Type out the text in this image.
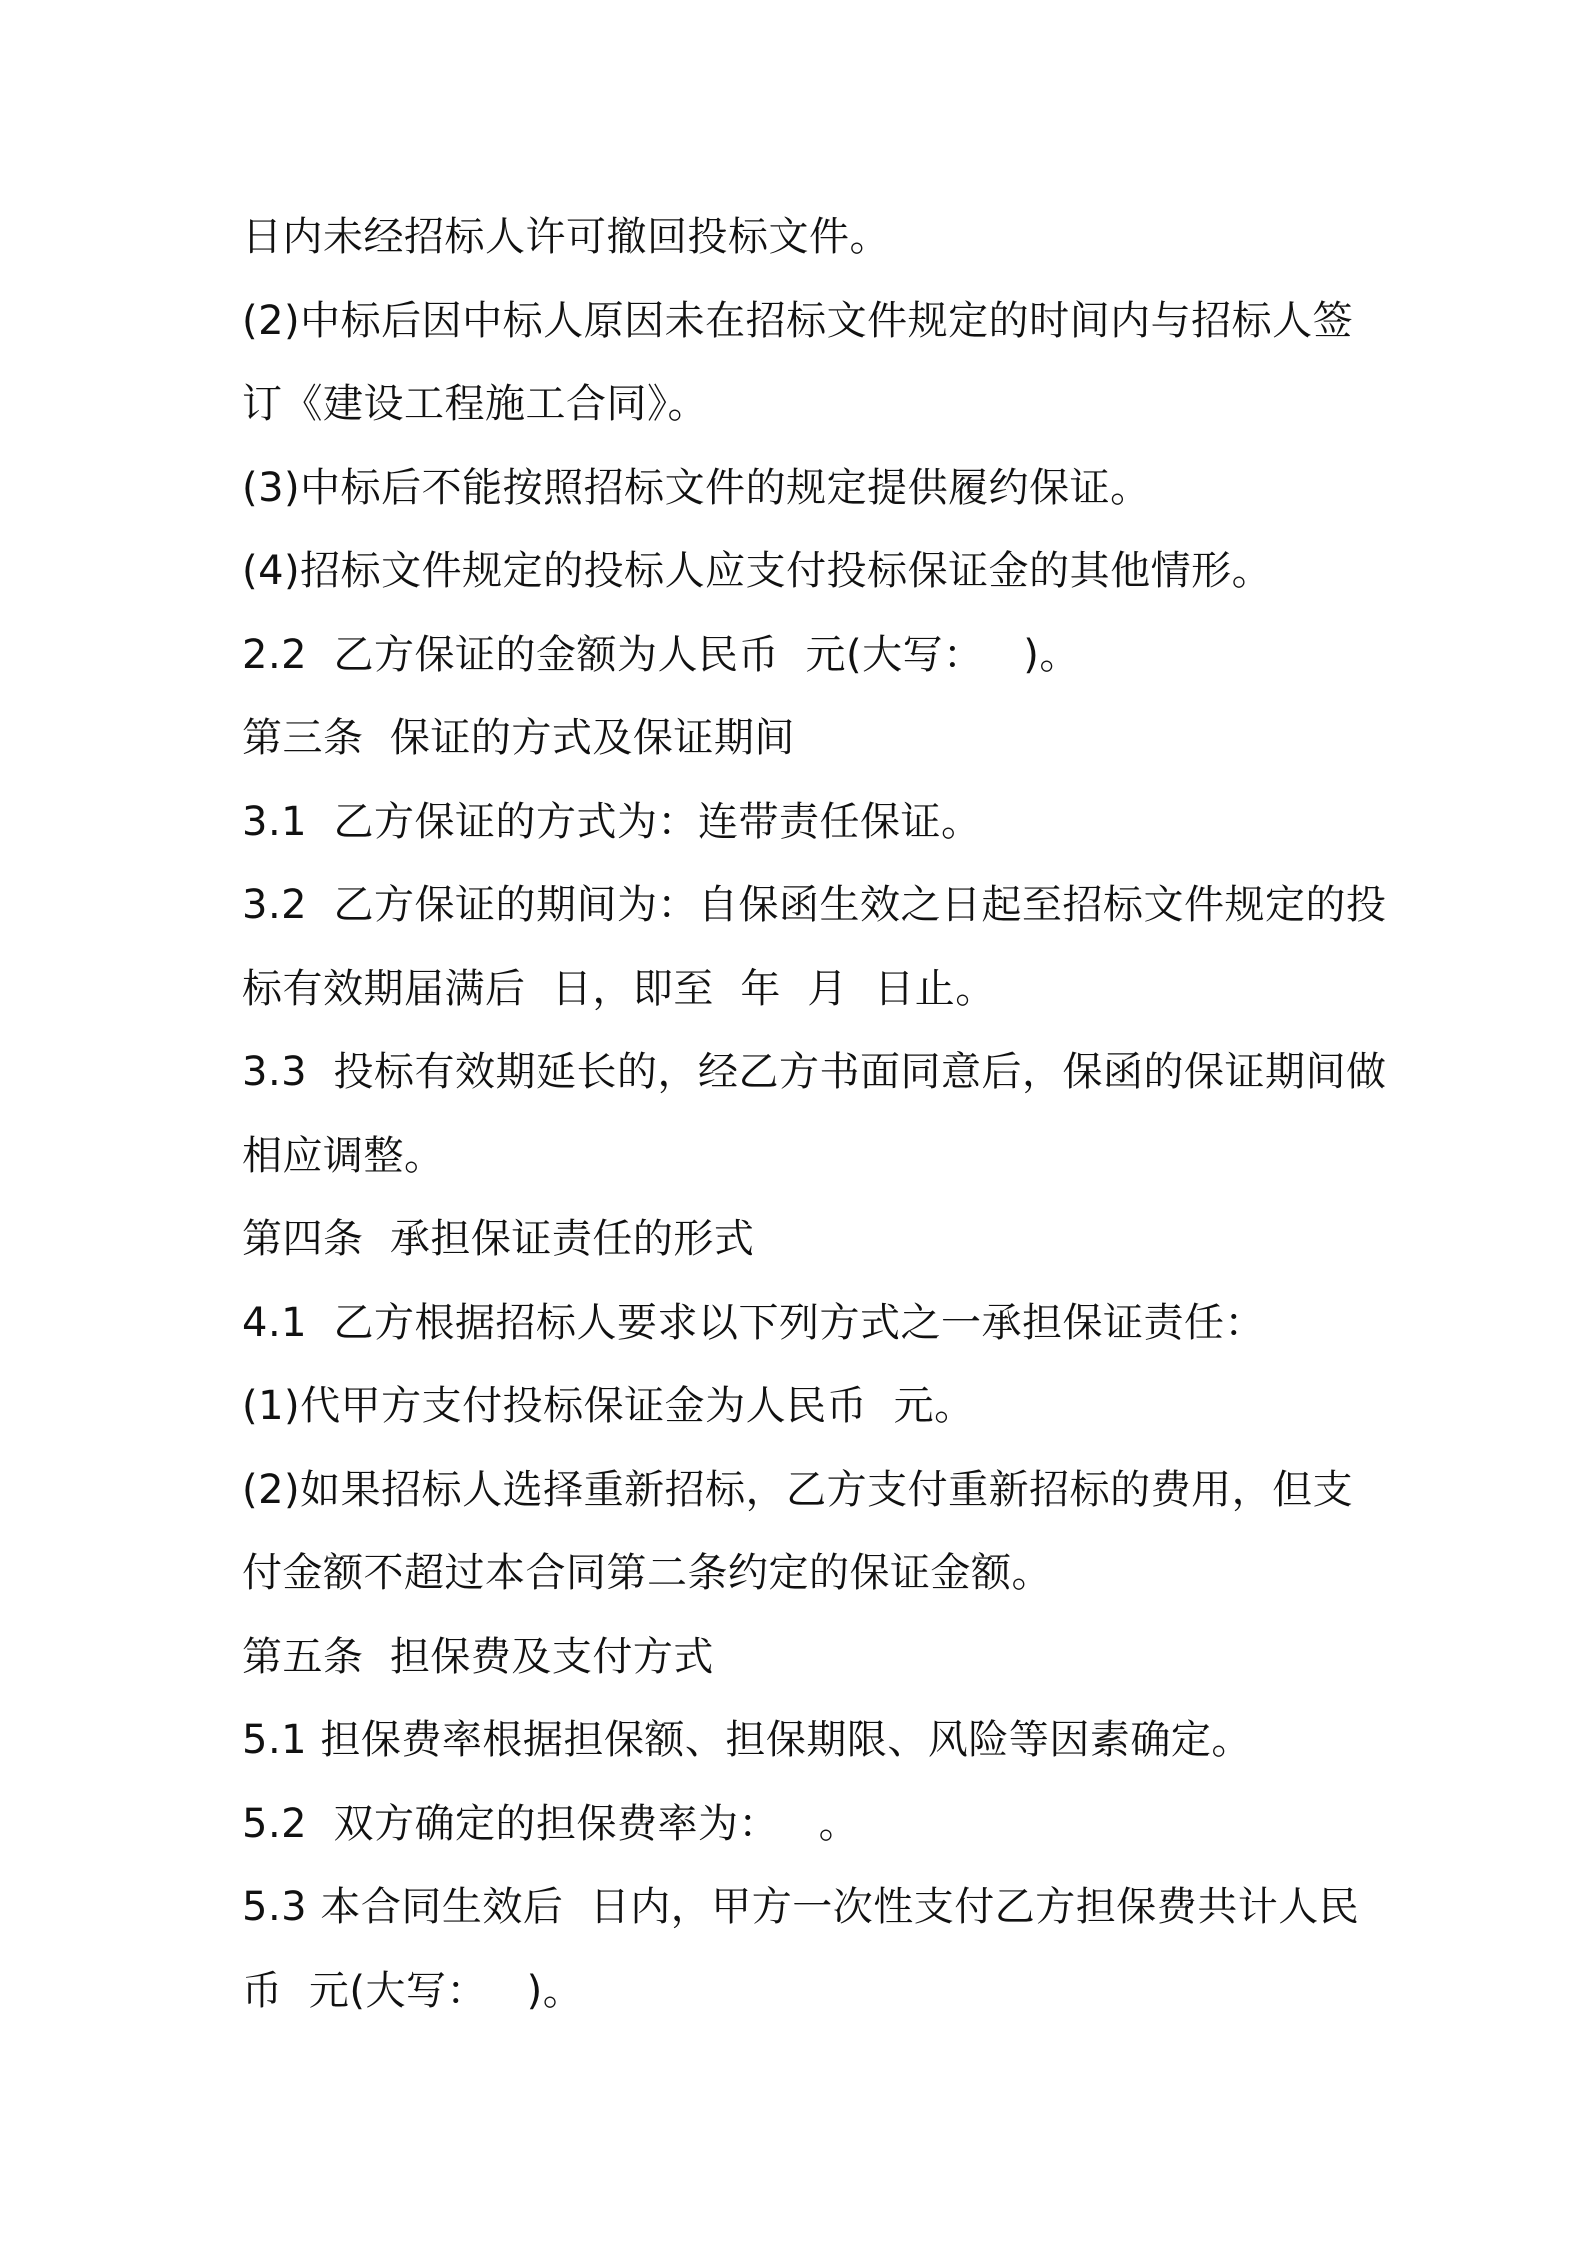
日内未经招标人许可撤回投标文件。
(2)中标后因中标人原因未在招标文件规定的时间内与招标人签
订《建设工程施工合同》。
(3)中标后不能按照招标文件的规定提供履约保证。
(4)招标文件规定的投标人应支付投标保证金的其他情形。
2.2  乙方保证的金额为人民币  元(大写：   )。
第三条  保证的方式及保证期间
3.1  乙方保证的方式为：连带责任保证。
3.2  乙方保证的期间为：自保函生效之日起至招标文件规定的投
标有效期届满后  日，即至  年  月  日止。
3.3  投标有效期延长的，经乙方书面同意后，保函的保证期间做
相应调整。
第四条  承担保证责任的形式
4.1  乙方根据招标人要求以下列方式之一承担保证责任：
(1)代甲方支付投标保证金为人民币  元。
(2)如果招标人选择重新招标，乙方支付重新招标的费用，但支
付金额不超过本合同第二条约定的保证金额。
第五条  担保费及支付方式
5.1 担保费率根据担保额、担保期限、风险等因素确定。
5.2  双方确定的担保费率为：   。
5.3 本合同生效后  日内，甲方一次性支付乙方担保费共计人民
币  元(大写：   )。
